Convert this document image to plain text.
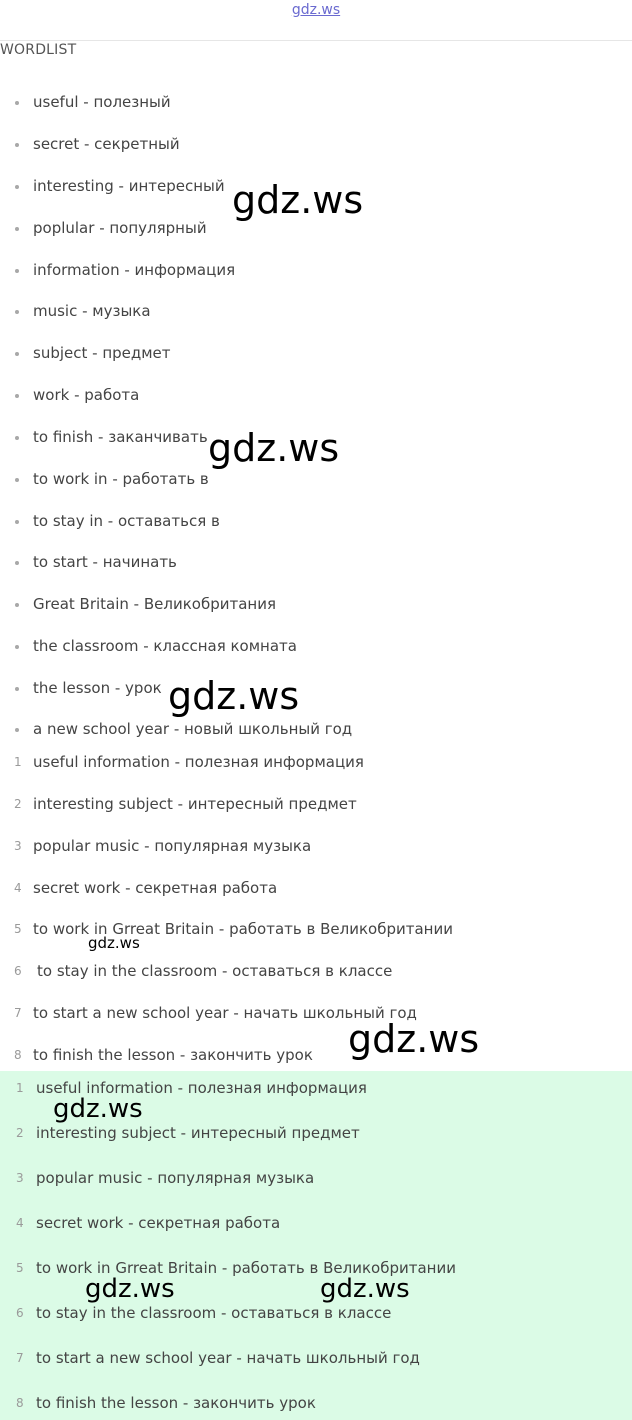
gdz.ws
WORDLIST
useful - полезный
secret - секретный
interesting - интересный
poplular - популярный
information - информация
music - музыка
subject - предмет
work - работа
to finish - заканчивать
to work in - работать в
to stay in - оставаться в
to start - начинать
Great Britain - Великобритания
the classroom - классная комната
the lesson - урок
a new school year - новый школьный год
1 useful information - полезная информация
2 interesting subject - интересный предмет
3 popular music - популярная музыка
4 secret work - секретная работа
5 to work in Grreat Britain - работать в Великобритании
6 to stay in the classroom - оставаться в классе
7 to start a new school year - начать школьный год
8 to finish the lesson - закончить урок
1 useful information - полезная информация
2 interesting subject - интересный предмет
3 popular music - популярная музыка
4 secret work - секретная работа
5 to work in Grreat Britain - работать в Великобритании
6 to stay in the classroom - оставаться в классе
7 to start a new school year - начать школьный год
8 to finish the lesson - закончить урок
gdz.ws
gdz.ws
gdz.ws
gdz.ws
gdz.ws
gdz.ws
gdz.ws	gdz.ws
